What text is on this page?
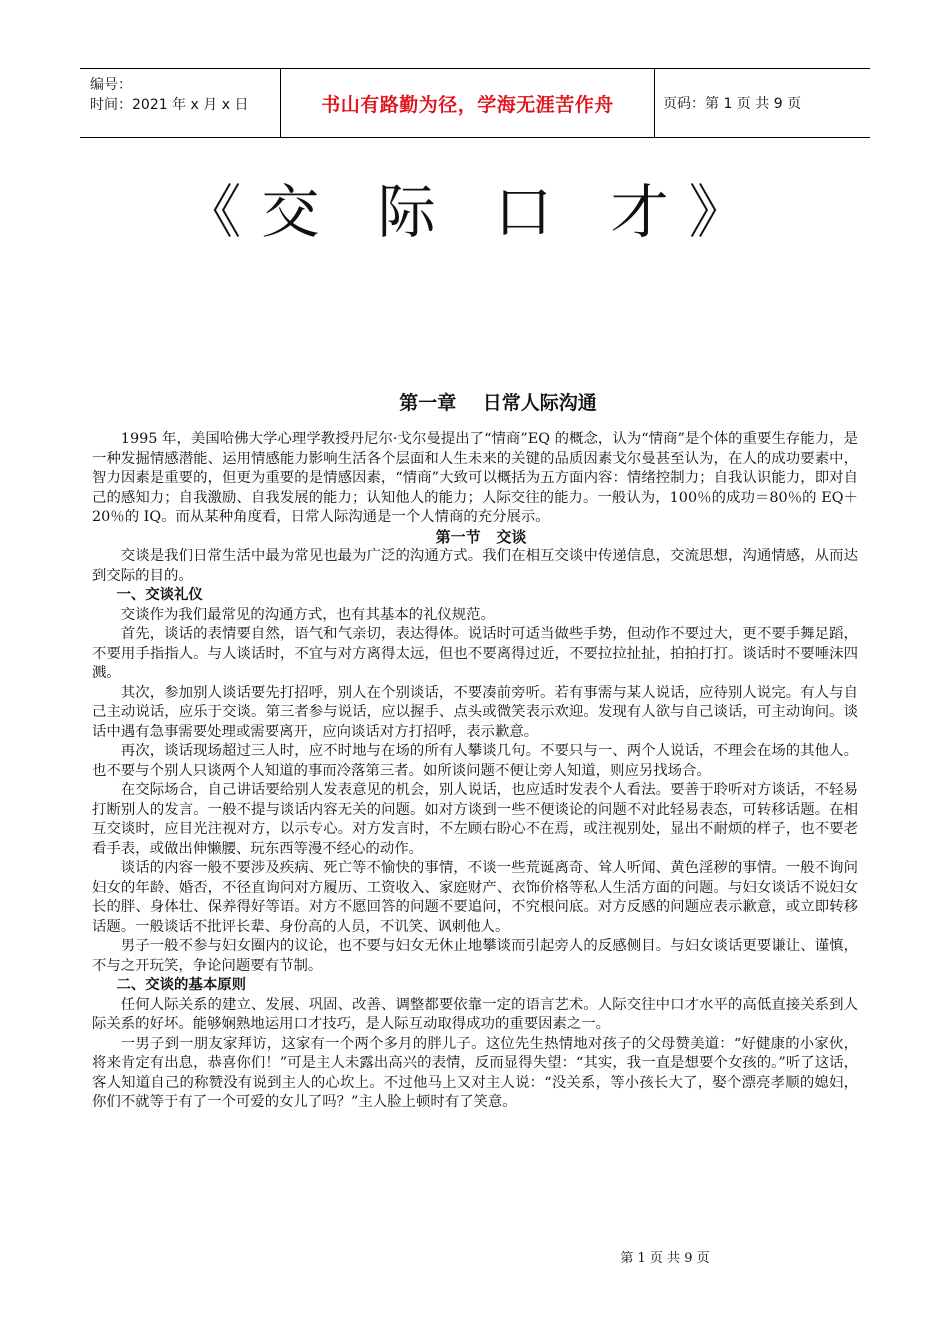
编号：
时间：2021 年 x 月 x 日	书山有路勤为径，学海无涯苦作舟	页码：第 1 页 共 9 页
《交 际 口 才》
第一章    日常人际沟通

1995 年，美国哈佛大学心理学教授丹尼尔·戈尔曼提出了“情商”EQ 的概念，认为“情商”是个体的重要生存能力，是一种发掘情感潜能、运用情感能力影响生活各个层面和人生未来的关键的品质因素戈尔曼甚至认为，在人的成功要素中，智力因素是重要的，但更为重要的是情感因素，“情商”大致可以概括为五方面内容：情绪控制力；自我认识能力，即对自己的感知力；自我激励、自我发展的能力；认知他人的能力；人际交往的能力。一般认为，100％的成功＝80％的 EQ＋20％的 IQ。而从某种角度看，日常人际沟通是一个人情商的充分展示。

第一节   交谈

交谈是我们日常生活中最为常见也最为广泛的沟通方式。我们在相互交谈中传递信息，交流思想，沟通情感，从而达到交际的目的。

一、交谈礼仪

交谈作为我们最常见的沟通方式，也有其基本的礼仪规范。

首先，谈话的表情要自然，语气和气亲切，表达得体。说话时可适当做些手势，但动作不要过大，更不要手舞足蹈，不要用手指指人。与人谈话时，不宜与对方离得太远，但也不要离得过近，不要拉拉扯扯，拍拍打打。谈话时不要唾沫四溅。

其次，参加别人谈话要先打招呼，别人在个别谈话，不要凑前旁听。若有事需与某人说话，应待别人说完。有人与自己主动说话，应乐于交谈。第三者参与说话，应以握手、点头或微笑表示欢迎。发现有人欲与自己谈话，可主动询问。谈话中遇有急事需要处理或需要离开，应向谈话对方打招呼，表示歉意。

再次，谈话现场超过三人时，应不时地与在场的所有人攀谈几句。不要只与一、两个人说话，不理会在场的其他人。也不要与个别人只谈两个人知道的事而冷落第三者。如所谈问题不便让旁人知道，则应另找场合。

在交际场合，自己讲话要给别人发表意见的机会，别人说话，也应适时发表个人看法。要善于聆听对方谈话，不轻易打断别人的发言。一般不提与谈话内容无关的问题。如对方谈到一些不便谈论的问题不对此轻易表态，可转移话题。在相互交谈时，应目光注视对方，以示专心。对方发言时，不左顾右盼心不在焉，或注视别处，显出不耐烦的样子，也不要老看手表，或做出伸懒腰、玩东西等漫不经心的动作。

谈话的内容一般不要涉及疾病、死亡等不愉快的事情，不谈一些荒诞离奇、耸人听闻、黄色淫秽的事情。一般不询问妇女的年龄、婚否，不径直询问对方履历、工资收入、家庭财产、衣饰价格等私人生活方面的问题。与妇女谈话不说妇女长的胖、身体壮、保养得好等语。对方不愿回答的问题不要追问，不究根问底。对方反感的问题应表示歉意，或立即转移话题。一般谈话不批评长辈、身份高的人员，不讥笑、讽刺他人。

男子一般不参与妇女圈内的议论，也不要与妇女无休止地攀谈而引起旁人的反感侧目。与妇女谈话更要谦让、谨慎，不与之开玩笑，争论问题要有节制。

二、交谈的基本原则

任何人际关系的建立、发展、巩固、改善、调整都要依靠一定的语言艺术。人际交往中口才水平的高低直接关系到人际关系的好坏。能够娴熟地运用口才技巧，是人际互动取得成功的重要因素之一。

一男子到一朋友家拜访，这家有一个两个多月的胖儿子。这位先生热情地对孩子的父母赞美道：“好健康的小家伙，将来肯定有出息，恭喜你们！”可是主人未露出高兴的表情，反而显得失望：“其实，我一直是想要个女孩的。”听了这话，客人知道自己的称赞没有说到主人的心坎上。不过他马上又对主人说：“没关系，等小孩长大了，娶个漂亮孝顺的媳妇，你们不就等于有了一个可爱的女儿了吗？”主人脸上顿时有了笑意。

第 1 页 共 9 页
